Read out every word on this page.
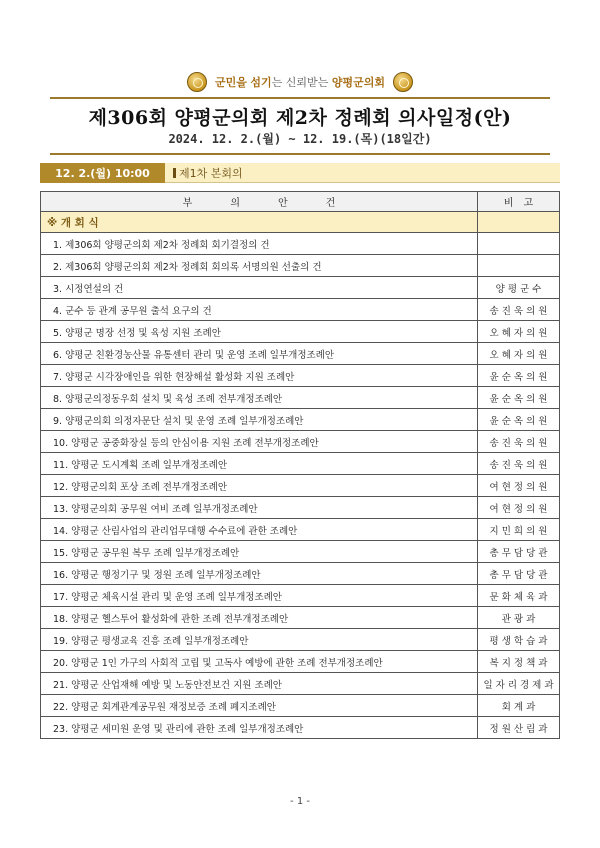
군민을 섬기는 신뢰받는 양평군의회
제306회 양평군의회 제2차 정례회 의사일정(안)
2024. 12. 2.(월) ~ 12. 19.(목)(18일간)
12. 2.(월) 10:00	제1차 본회의
부의안건	비고
※ 개 회 식	
1. 제306회 양평군의회 제2차 정례회 회기결정의 건	
2. 제306회 양평군의회 제2차 정례회 회의록 서명의원 선출의 건	
3. 시정연설의 건	양평군수
4. 군수 등 관계 공무원 출석 요구의 건	송진욱의원
5. 양평군 명장 선정 및 육성 지원 조례안	오혜자의원
6. 양평군 친환경농산물 유통센터 관리 및 운영 조례 일부개정조례안	오혜자의원
7. 양평군 시각장애인을 위한 현장해설 활성화 지원 조례안	윤순옥의원
8. 양평군의정동우회 설치 및 육성 조례 전부개정조례안	윤순옥의원
9. 양평군의회 의정자문단 설치 및 운영 조례 일부개정조례안	윤순옥의원
10. 양평군 공중화장실 등의 안심이용 지원 조례 전부개정조례안	송진욱의원
11. 양평군 도시계획 조례 일부개정조례안	송진욱의원
12. 양평군의회 포상 조례 전부개정조례안	여현정의원
13. 양평군의회 공무원 여비 조례 일부개정조례안	여현정의원
14. 양평군 산림사업의 관리업무대행 수수료에 관한 조례안	지민희의원
15. 양평군 공무원 복무 조례 일부개정조례안	총무담당관
16. 양평군 행정기구 및 정원 조례 일부개정조례안	총무담당관
17. 양평군 체육시설 관리 및 운영 조례 일부개정조례안	문화체육과
18. 양평군 헬스투어 활성화에 관한 조례 전부개정조례안	관광과
19. 양평군 평생교육 진흥 조례 일부개정조례안	평생학습과
20. 양평군 1인 가구의 사회적 고립 및 고독사 예방에 관한 조례 전부개정조례안	복지정책과
21. 양평군 산업재해 예방 및 노동안전보건 지원 조례안	일자리경제과
22. 양평군 회계관계공무원 재정보증 조례 폐지조례안	회계과
23. 양평군 세미원 운영 및 관리에 관한 조례 일부개정조례안	정원산림과
- 1 -
